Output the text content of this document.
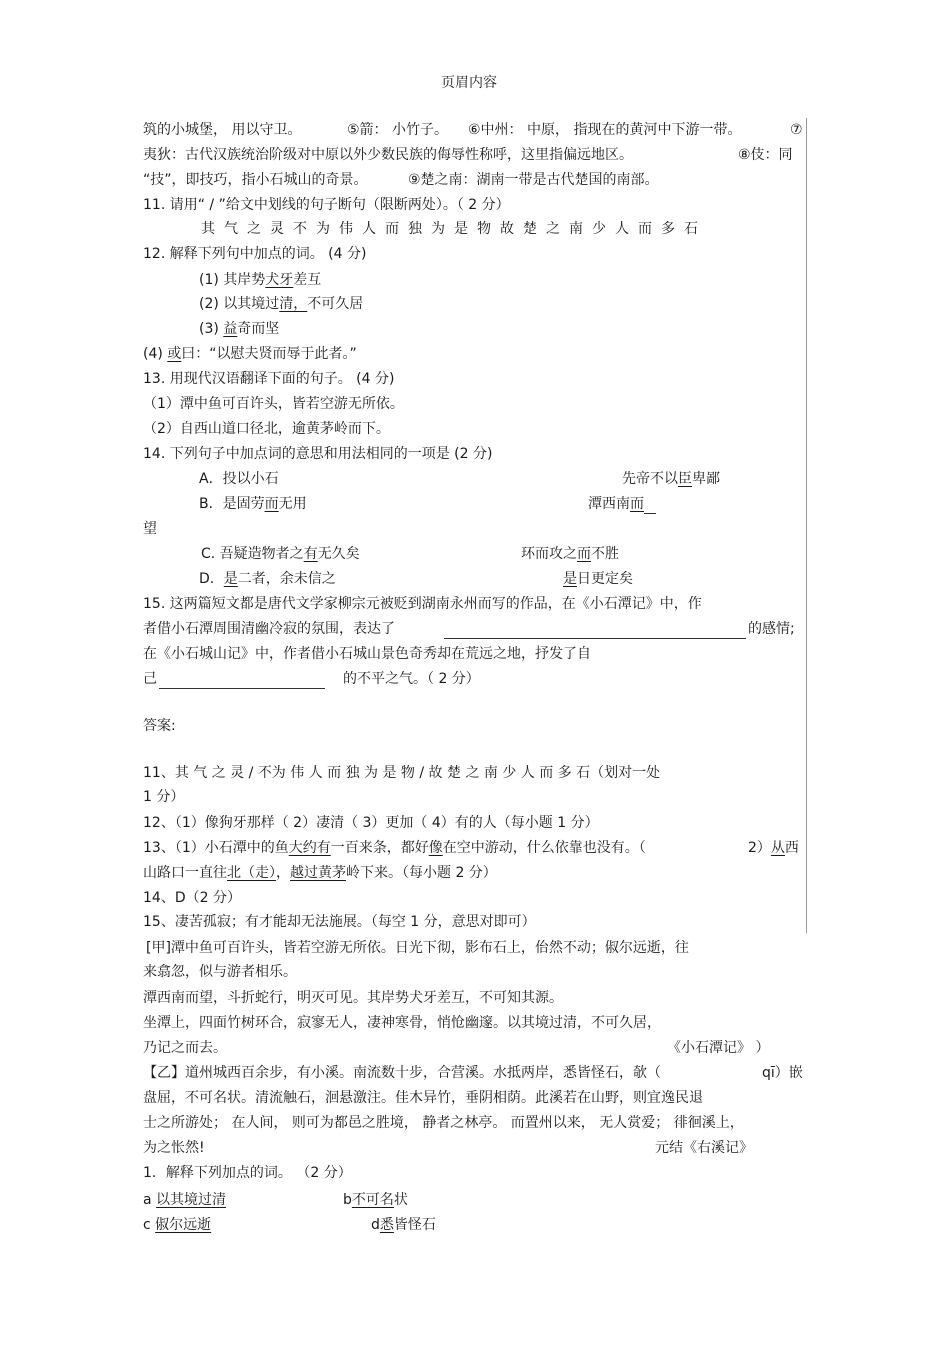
页眉内容
筑的小城堡， 用以守卫。	⑤箭： 小竹子。 ⑥中州： 中原， 指现在的黄河中下游一带。	⑦
夷狄：古代汉族统治阶级对中原以外少数民族的侮辱性称呼，这里指偏远地区。	⑧伎：同
“技”，即技巧，指小石城山的奇景。	⑨楚之南：湖南一带是古代楚国的南部。
11. 请用“ / ”给文中划线的句子断句（限断两处）。（ 2 分）
其气之灵不为伟人而独为是物故楚之南少人而多石
12. 解释下列句中加点的词。 (4 分)
(1) 其岸势犬牙差互
(2) 以其境过清，不可久居
(3) 益奇而坚
(4) 或曰：“以慰夫贤而辱于此者。”
13. 用现代汉语翻译下面的句子。 (4 分)
（1）潭中鱼可百许头，皆若空游无所依。
（2）自西山道口径北，逾黄茅岭而下。
14. 下列句子中加点词的意思和用法相同的一项是 (2 分)
A．投以小石	先帝不以臣卑鄙
B．是固劳而无用	潭西南而
望
C. 吾疑造物者之有无久矣	环而攻之而不胜
D．是二者，余未信之	是日更定矣
15. 这两篇短文都是唐代文学家柳宗元被贬到湖南永州而写的作品，在《小石潭记》中，作
者借小石潭周围清幽冷寂的氛围，表达了	的感情;
在《小石城山记》中，作者借小石城山景色奇秀却在荒远之地，抒发了自
己	的不平之气。（ 2 分）
答案:
11、其 气 之 灵 / 不为 伟 人 而 独 为 是 物 / 故 楚 之 南 少 人 而 多 石（划对一处
1 分）
12、（1）像狗牙那样（ 2）凄清（ 3）更加（ 4）有的人（每小题 1 分）
13、（1）小石潭中的鱼大约有一百来条，都好像在空中游动，什么依靠也没有。（	2）从西
山路口一直往北（走），越过黄茅岭下来。（每小题 2 分）
14、D（2 分）
15、凄苦孤寂；有才能却无法施展。（每空 1 分，意思对即可）
[甲]潭中鱼可百许头，皆若空游无所依。日光下彻，影布石上，佁然不动；俶尔远逝，往
来翕忽，似与游者相乐。
潭西南而望，斗折蛇行，明灭可见。其岸势犬牙差互，不可知其源。
坐潭上，四面竹树环合，寂寥无人，凄神寒骨，悄怆幽邃。以其境过清，不可久居，
乃记之而去。	《小石潭记》 ）
【乙】道州城西百余步，有小溪。南流数十步，合营溪。水抵两岸，悉皆怪石，欹（	qī）嵌
盘屈，不可名状。清流触石，洄悬激注。佳木异竹，垂阴相荫。此溪若在山野，则宜逸民退
士之所游处； 在人间， 则可为都邑之胜境， 静者之林亭。 而置州以来， 无人赏爱； 徘徊溪上，
为之怅然!	元结《右溪记》
1．解释下列加点的词。 （2 分）
a 以其境过清	b不可名状
c 俶尔远逝	d悉皆怪石
